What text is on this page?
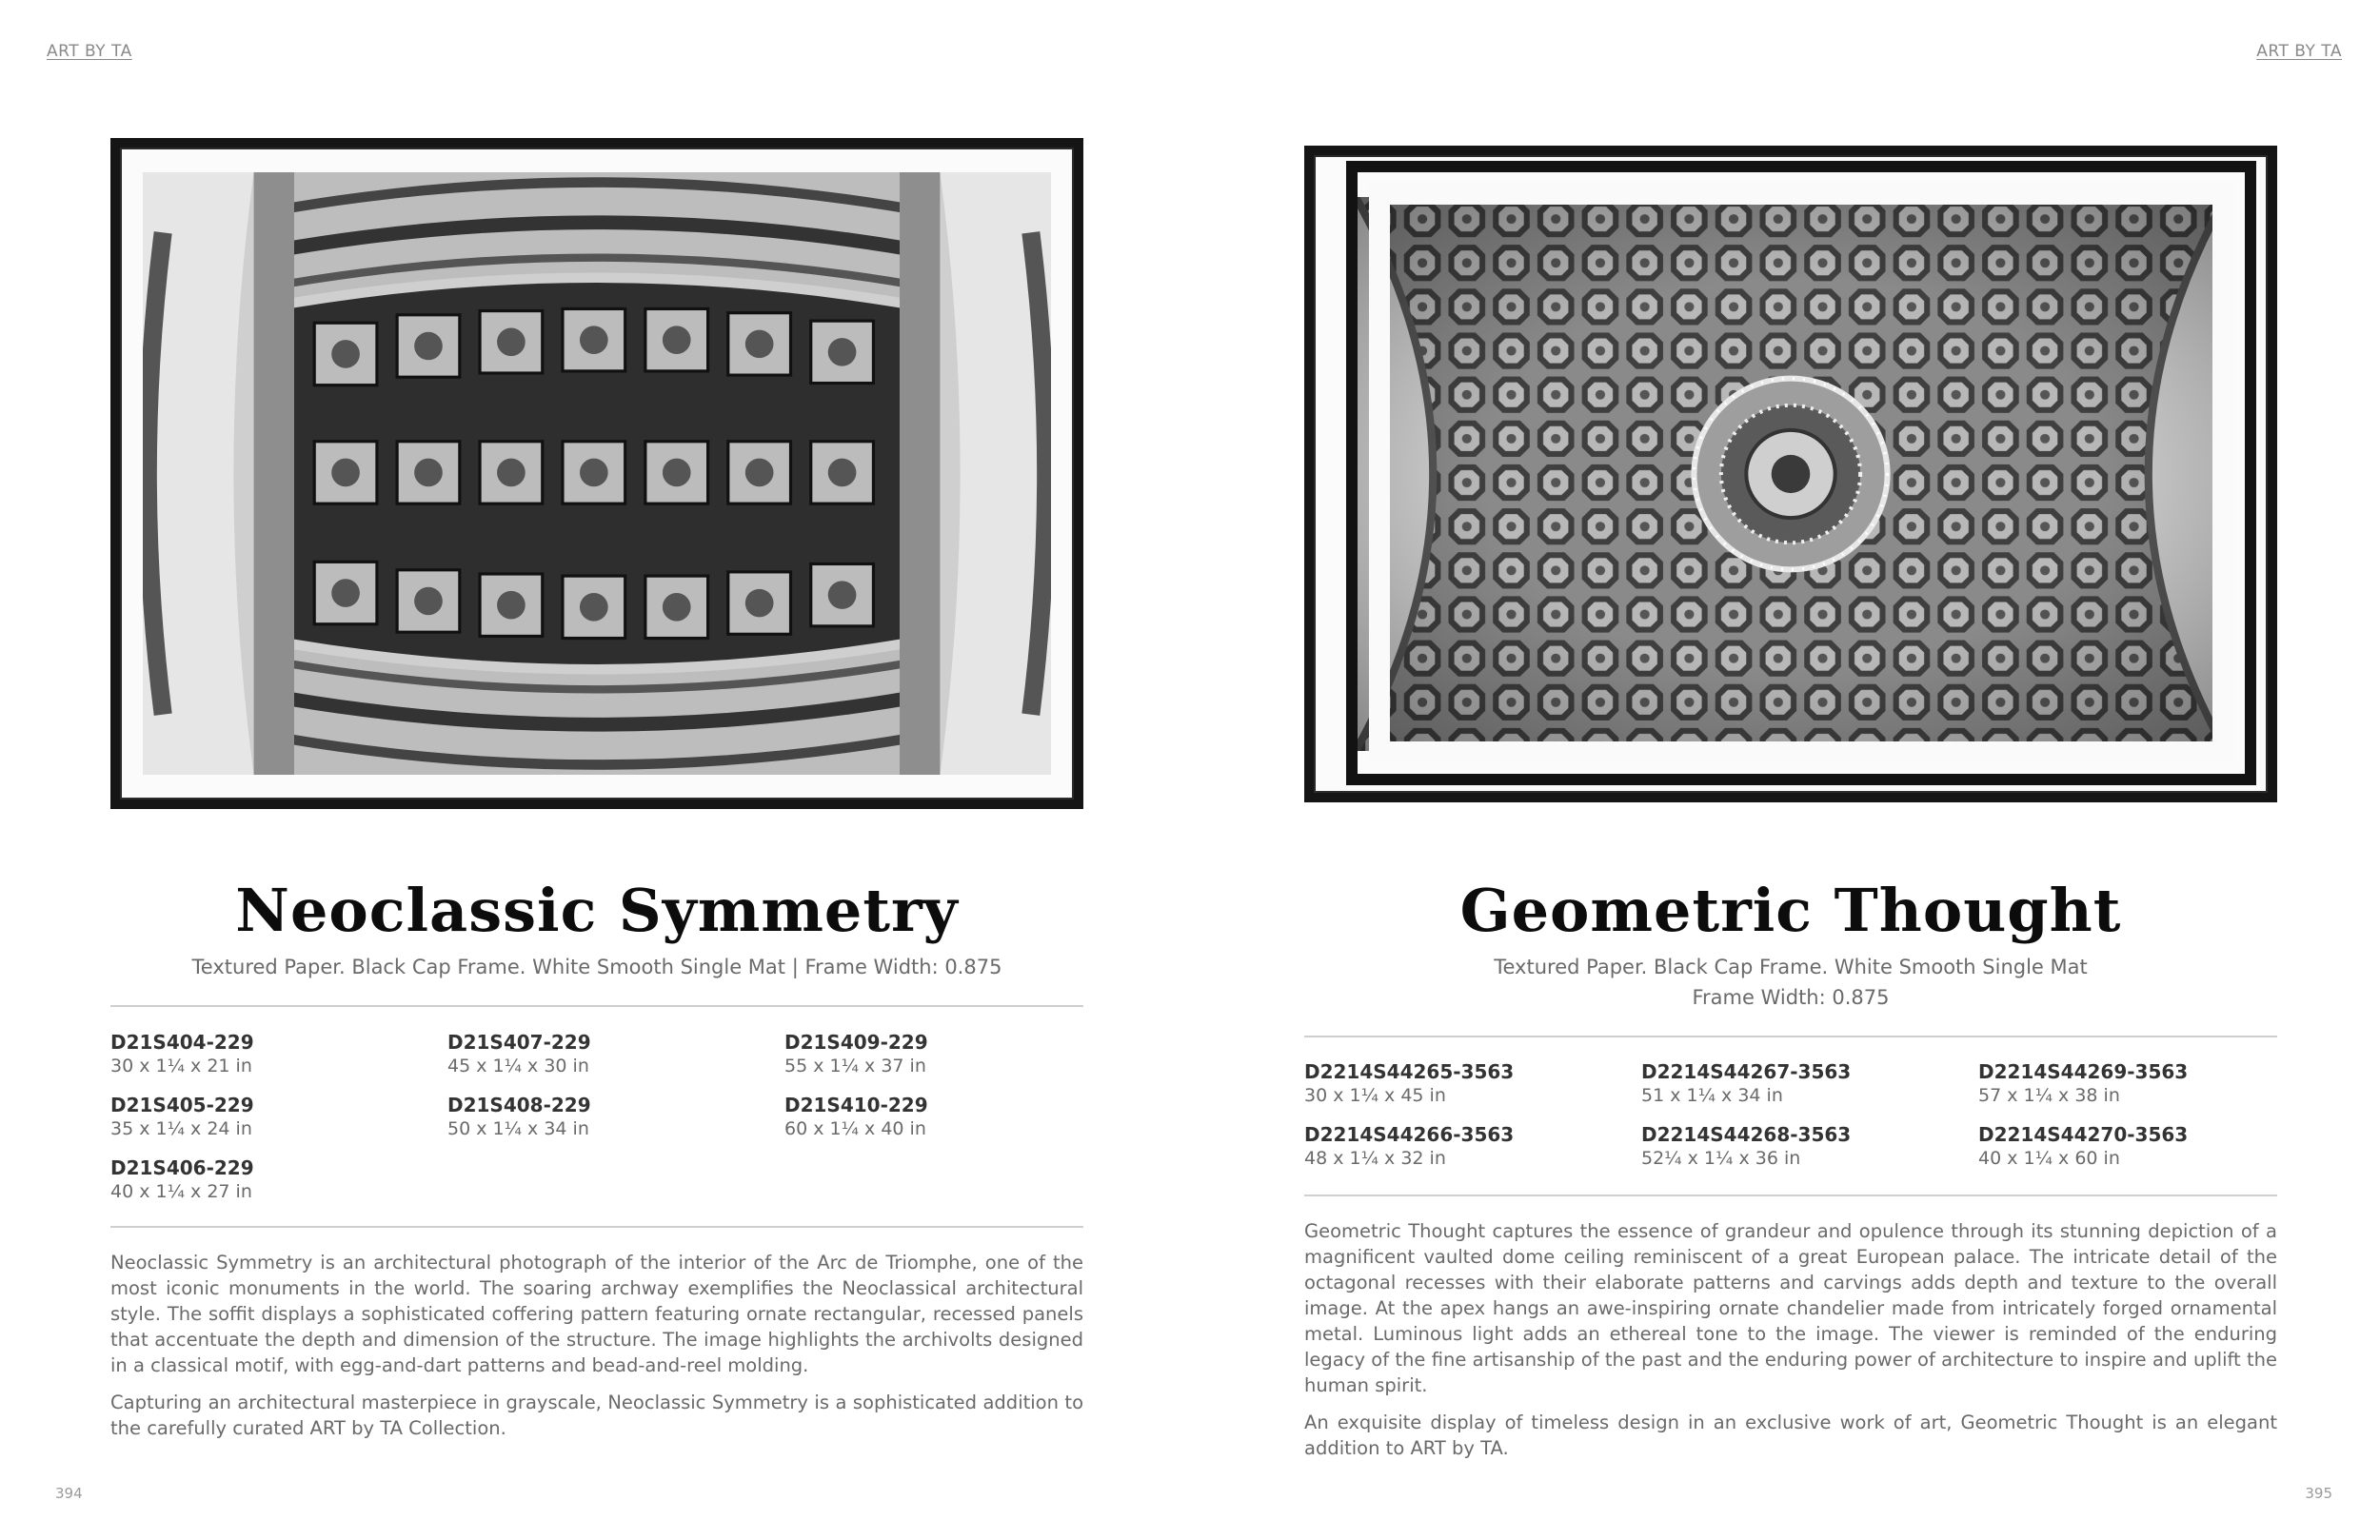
ART BY TA	ART BY TA
Neoclassic Symmetry
Textured Paper. Black Cap Frame. White Smooth Single Mat | Frame Width: 0.875
D21S404-229
30 x 1¼ x 21 in
D21S407-229
45 x 1¼ x 30 in
D21S409-229
55 x 1¼ x 37 in
D21S405-229
35 x 1¼ x 24 in
D21S408-229
50 x 1¼ x 34 in
D21S410-229
60 x 1¼ x 40 in
D21S406-229
40 x 1¼ x 27 in

Neoclassic Symmetry is an architectural photograph of the interior of the Arc de Triomphe, one of the most iconic monuments in the world. The soaring archway exemplifies the Neoclassical architectural style. The soffit displays a sophisticated coffering pattern featuring ornate rectangular, recessed panels that accentuate the depth and dimension of the structure. The image highlights the archivolts designed in a classical motif, with egg-and-dart patterns and bead-and-reel molding.

Capturing an architectural masterpiece in grayscale, Neoclassic Symmetry is a sophisticated addition to the carefully curated ART by TA Collection.

394
Geometric Thought
Textured Paper. Black Cap Frame. White Smooth Single Mat
Frame Width: 0.875
D2214S44265-3563
30 x 1¼ x 45 in
D2214S44267-3563
51 x 1¼ x 34 in
D2214S44269-3563
57 x 1¼ x 38 in
D2214S44266-3563
48 x 1¼ x 32 in
D2214S44268-3563
52¼ x 1¼ x 36 in
D2214S44270-3563
40 x 1¼ x 60 in

Geometric Thought captures the essence of grandeur and opulence through its stunning depiction of a magnificent vaulted dome ceiling reminiscent of a great European palace. The intricate detail of the octagonal recesses with their elaborate patterns and carvings adds depth and texture to the overall image. At the apex hangs an awe-inspiring ornate chandelier made from intricately forged ornamental metal. Luminous light adds an ethereal tone to the image. The viewer is reminded of the enduring legacy of the fine artisanship of the past and the enduring power of architecture to inspire and uplift the human spirit.

An exquisite display of timeless design in an exclusive work of art, Geometric Thought is an elegant addition to ART by TA.

395
